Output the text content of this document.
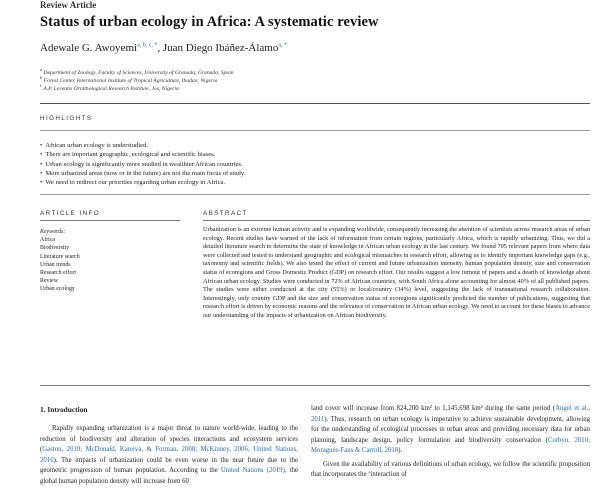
Review Article
Status of urban ecology in Africa: A systematic review
Adewale G. Awoyemi$^{a, b, c, *}$, Juan Diego Ibáñez-Álamo$^{a, *}$
$^a$ Department of Zoology, Faculty of Sciences, University of Granada, Granada, Spain
$^b$ Forest Center, International Institute of Tropical Agriculture, Ibadan, Nigeria
$^c$ A.P. Leventis Ornithological Research Institute, Jos, Nigeria
HIGHLIGHTS
• African urban ecology is understudied.
• There are important geographic, ecological and scientific biases.
• Urban ecology is significantly more studied in wealthier African countries.
• More urbanized areas (now or in the future) are not the main focus of study.
• We need to redirect our priorities regarding urban ecology in Africa.
ARTICLE INFO
Keywords:
Africa
Biodiversity
Literature search
Urban trends
Research effort
Review
Urban ecology
ABSTRACT
Urbanization is an extreme human activity and is expanding worldwide, consequently increasing the attention of scientists across research areas of urban ecology. Recent studies have warned of the lack of information from certain regions, particularly Africa, which is rapidly urbanizing. Thus, we did a detailed literature search to determine the state of knowledge in African urban ecology in the last century. We found 795 relevant papers from where data were collected and tested to understand geographic and ecological mismatches in research effort, allowing us to identify important knowledge gaps (e.g., taxonomy and scientific fields). We also tested the effect of current and future urbanization intensity, human population density, size and conservation status of ecoregions and Gross Domestic Product (GDP) on research effort. Our results suggest a low turnout of papers and a dearth of knowledge about African urban ecology. Studies were conducted in 72% of African countries, with South Africa alone accounting for almost 40% of all published papers. The studies were either conducted at the city (55%) or local/country (34%) level, suggesting the lack of transnational research collaboration. Interestingly, only country GDP and the size and conservation status of ecoregions significantly predicted the number of publications, suggesting that research effort is driven by economic reasons and the relevance of conservation in African urban ecology. We need to account for these biases to advance our understanding of the impacts of urbanization on African biodiversity.
1. Introduction
Rapidly expanding urbanization is a major threat to nature world-wide, leading to the reduction of biodiversity and alteration of species interactions and ecosystem services (Gaston, 2010; McDonald, Kareiva, & Forman, 2008; McKinney, 2006; United Nations, 2016). The impacts of urbanization could be even worse in the near future due to the geometric progression of human population. According to the United Nations (2019), the global human population density will increase from 60
land cover will increase from 824,200 km² to 1,145,698 km² during the same period (Angel et al., 2011). Thus, research on urban ecology is imperative to achieve sustainable development, allowing for the understanding of ecological processes in urban areas and providing necessary data for urban planning, landscape design, policy formulation and biodiversity conservation (Corbyn, 2010; Moragues-Faus & Carroll, 2018).
Given the availability of various definitions of urban ecology, we follow the scientific proposition that incorporates the ‘interaction of
